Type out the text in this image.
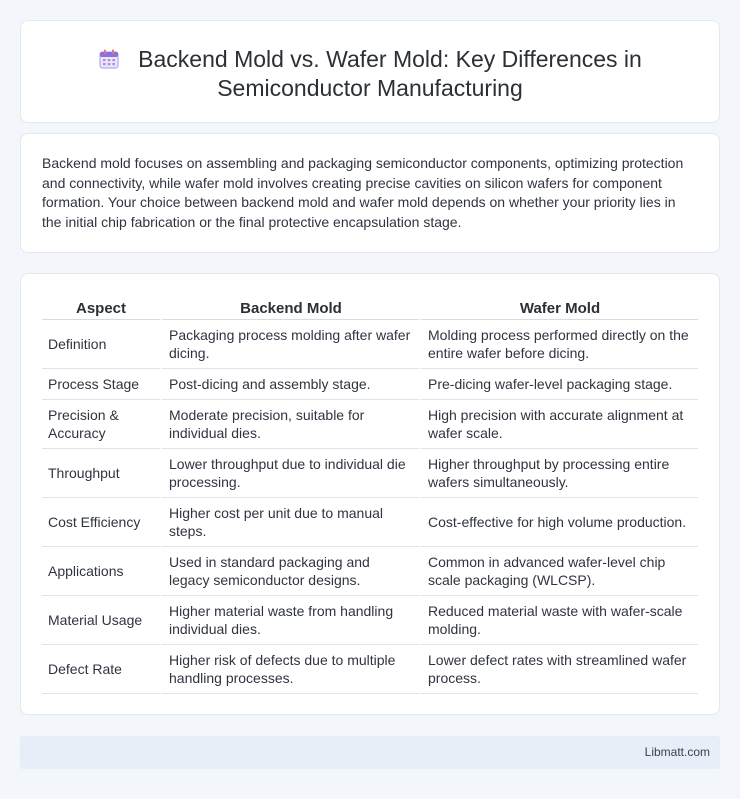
Backend Mold vs. Wafer Mold: Key Differences in Semiconductor Manufacturing

Backend mold focuses on assembling and packaging semiconductor components, optimizing protection and connectivity, while wafer mold involves creating precise cavities on silicon wafers for component formation. Your choice between backend mold and wafer mold depends on whether your priority lies in the initial chip fabrication or the final protective encapsulation stage.

Aspect	Backend Mold	Wafer Mold
Definition	Packaging process molding after wafer dicing.	Molding process performed directly on the entire wafer before dicing.
Process Stage	Post-dicing and assembly stage.	Pre-dicing wafer-level packaging stage.
Precision & Accuracy	Moderate precision, suitable for individual dies.	High precision with accurate alignment at wafer scale.
Throughput	Lower throughput due to individual die processing.	Higher throughput by processing entire wafers simultaneously.
Cost Efficiency	Higher cost per unit due to manual steps.	Cost-effective for high volume production.
Applications	Used in standard packaging and legacy semiconductor designs.	Common in advanced wafer-level chip scale packaging (WLCSP).
Material Usage	Higher material waste from handling individual dies.	Reduced material waste with wafer-scale molding.
Defect Rate	Higher risk of defects due to multiple handling processes.	Lower defect rates with streamlined wafer process.
Libmatt.com
